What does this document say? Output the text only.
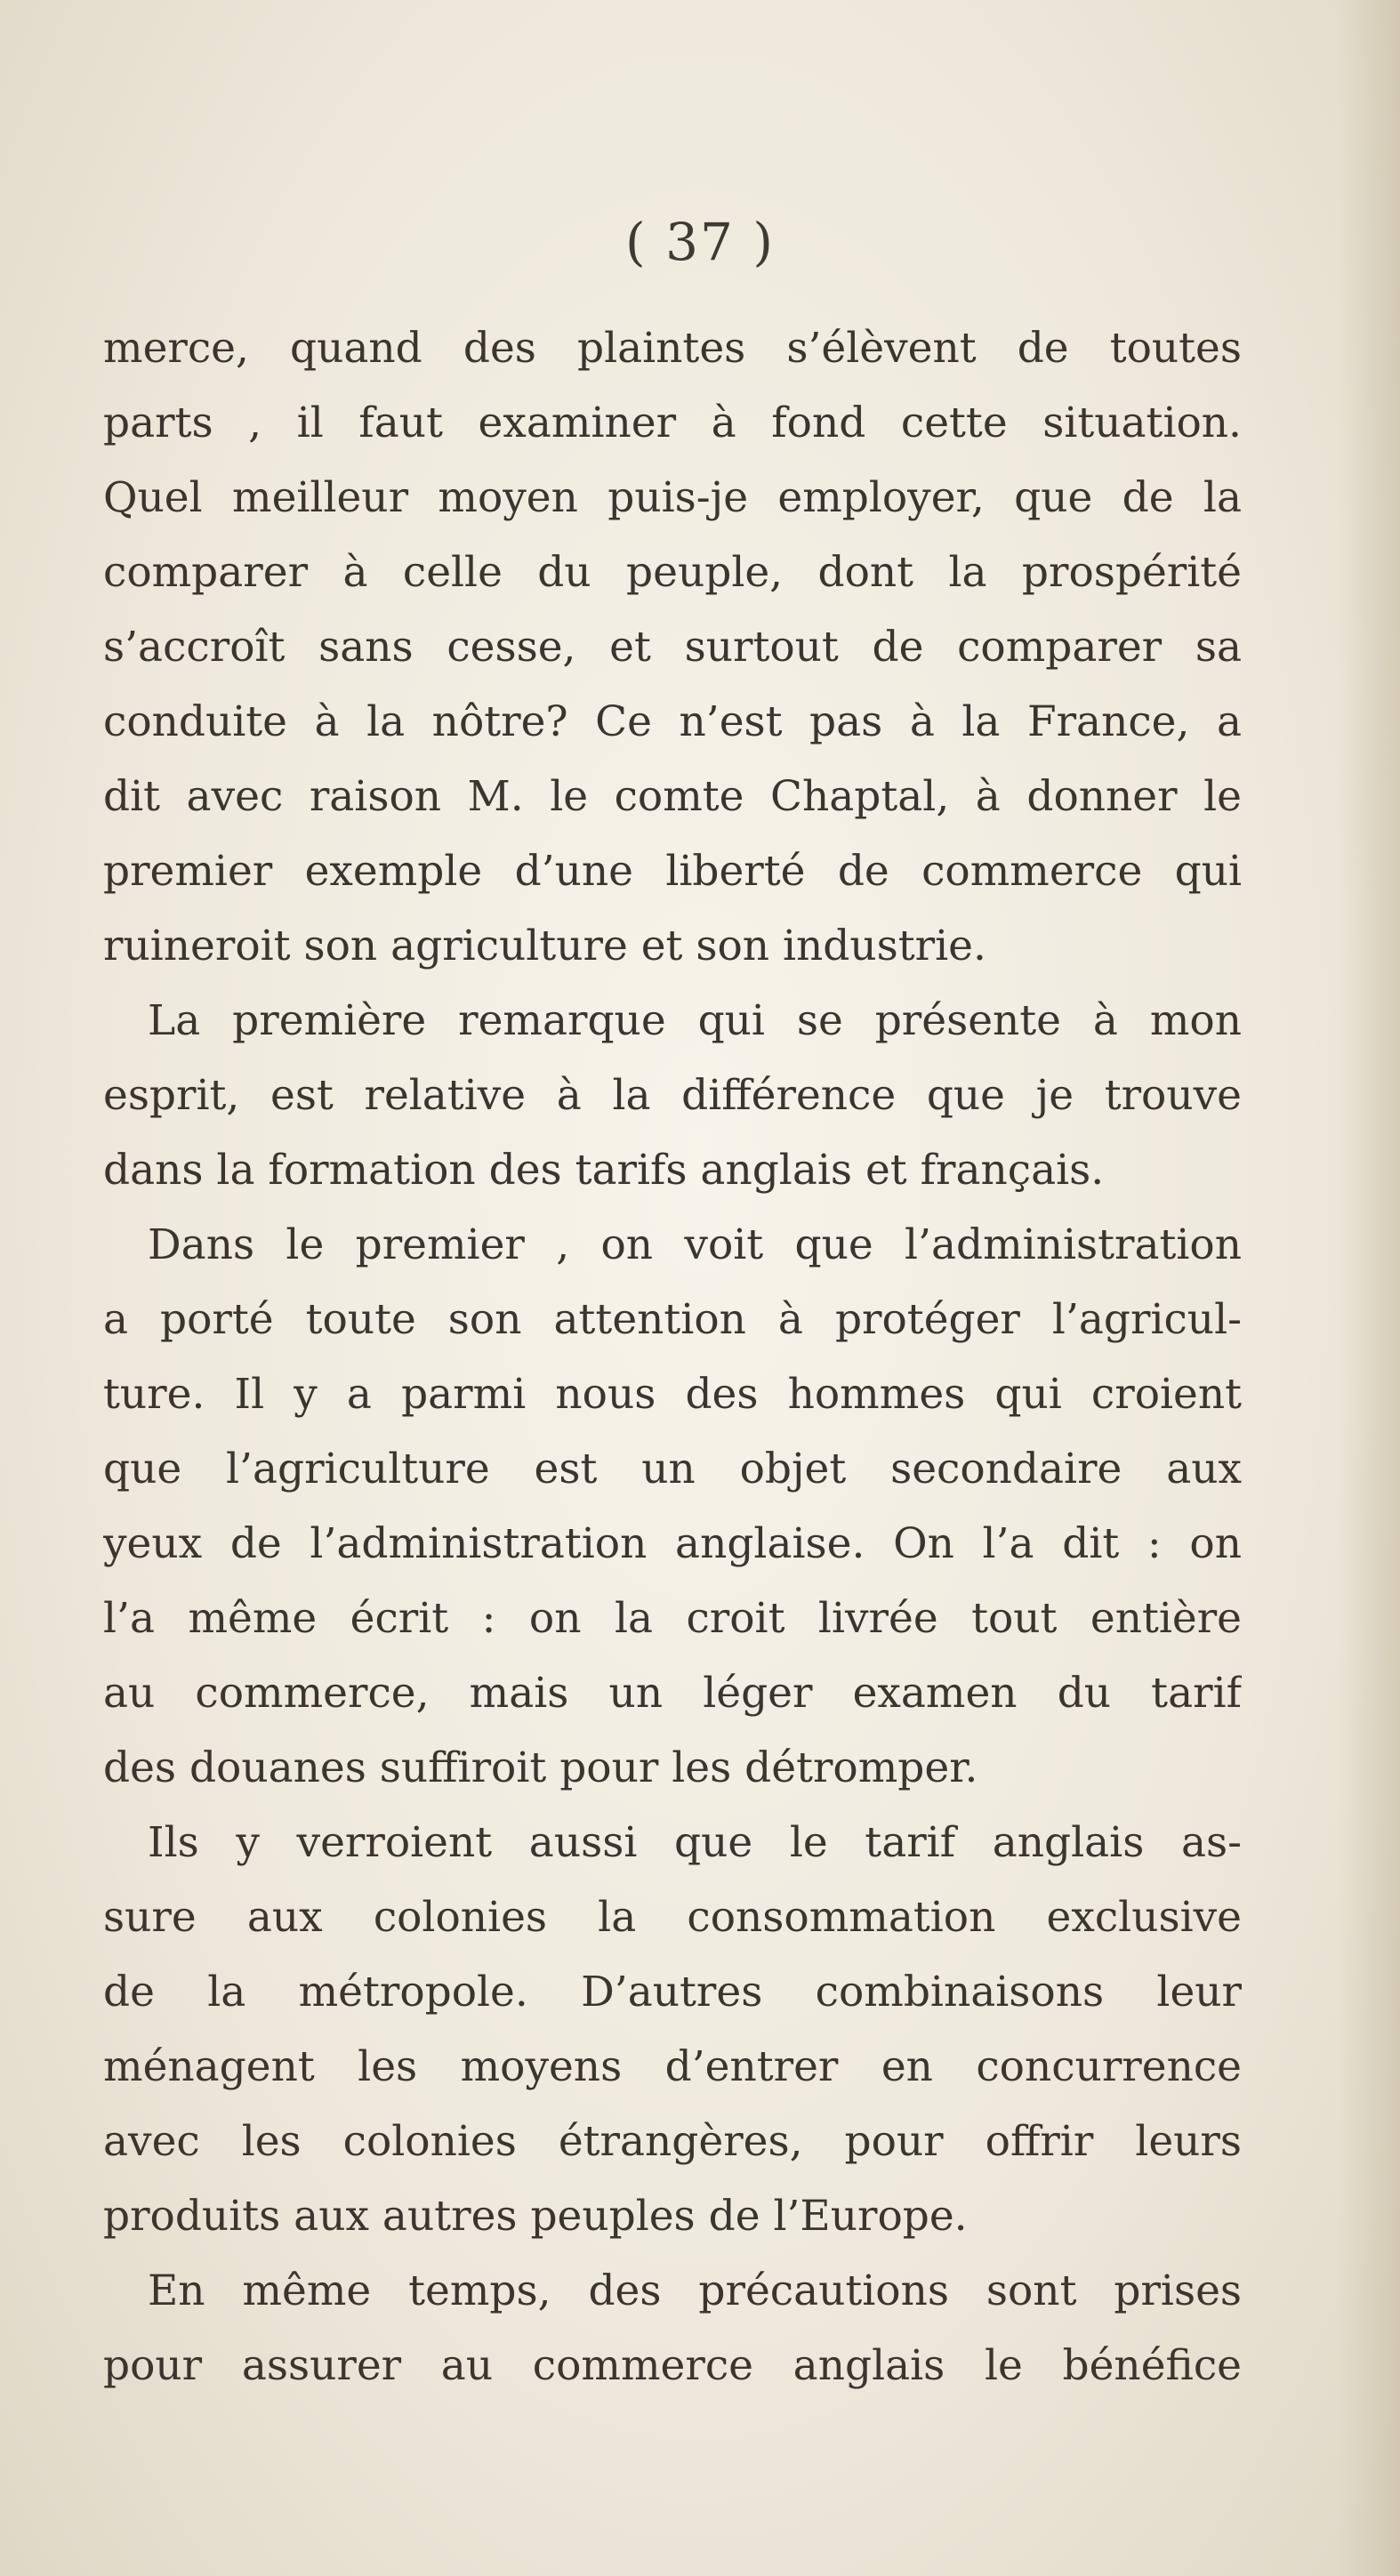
( 37 )
merce, quand des plaintes s’élèvent de toutes
parts , il faut examiner à fond cette situation.
Quel meilleur moyen puis-je employer, que de la
comparer à celle du peuple, dont la prospérité
s’accroît sans cesse, et surtout de comparer sa
conduite à la nôtre? Ce n’est pas à la France, a
dit avec raison M. le comte Chaptal, à donner le
premier exemple d’une liberté de commerce qui
ruineroit son agriculture et son industrie.
La première remarque qui se présente à mon
esprit, est relative à la différence que je trouve
dans la formation des tarifs anglais et français.
Dans le premier , on voit que l’administration
a porté toute son attention à protéger l’agricul-
ture. Il y a parmi nous des hommes qui croient
que l’agriculture est un objet secondaire aux
yeux de l’administration anglaise. On l’a dit : on
l’a même écrit : on la croit livrée tout entière
au commerce, mais un léger examen du tarif
des douanes suffiroit pour les détromper.
Ils y verroient aussi que le tarif anglais as-
sure aux colonies la consommation exclusive
de la métropole. D’autres combinaisons leur
ménagent les moyens d’entrer en concurrence
avec les colonies étrangères, pour offrir leurs
produits aux autres peuples de l’Europe.
En même temps, des précautions sont prises
pour assurer au commerce anglais le bénéfice
